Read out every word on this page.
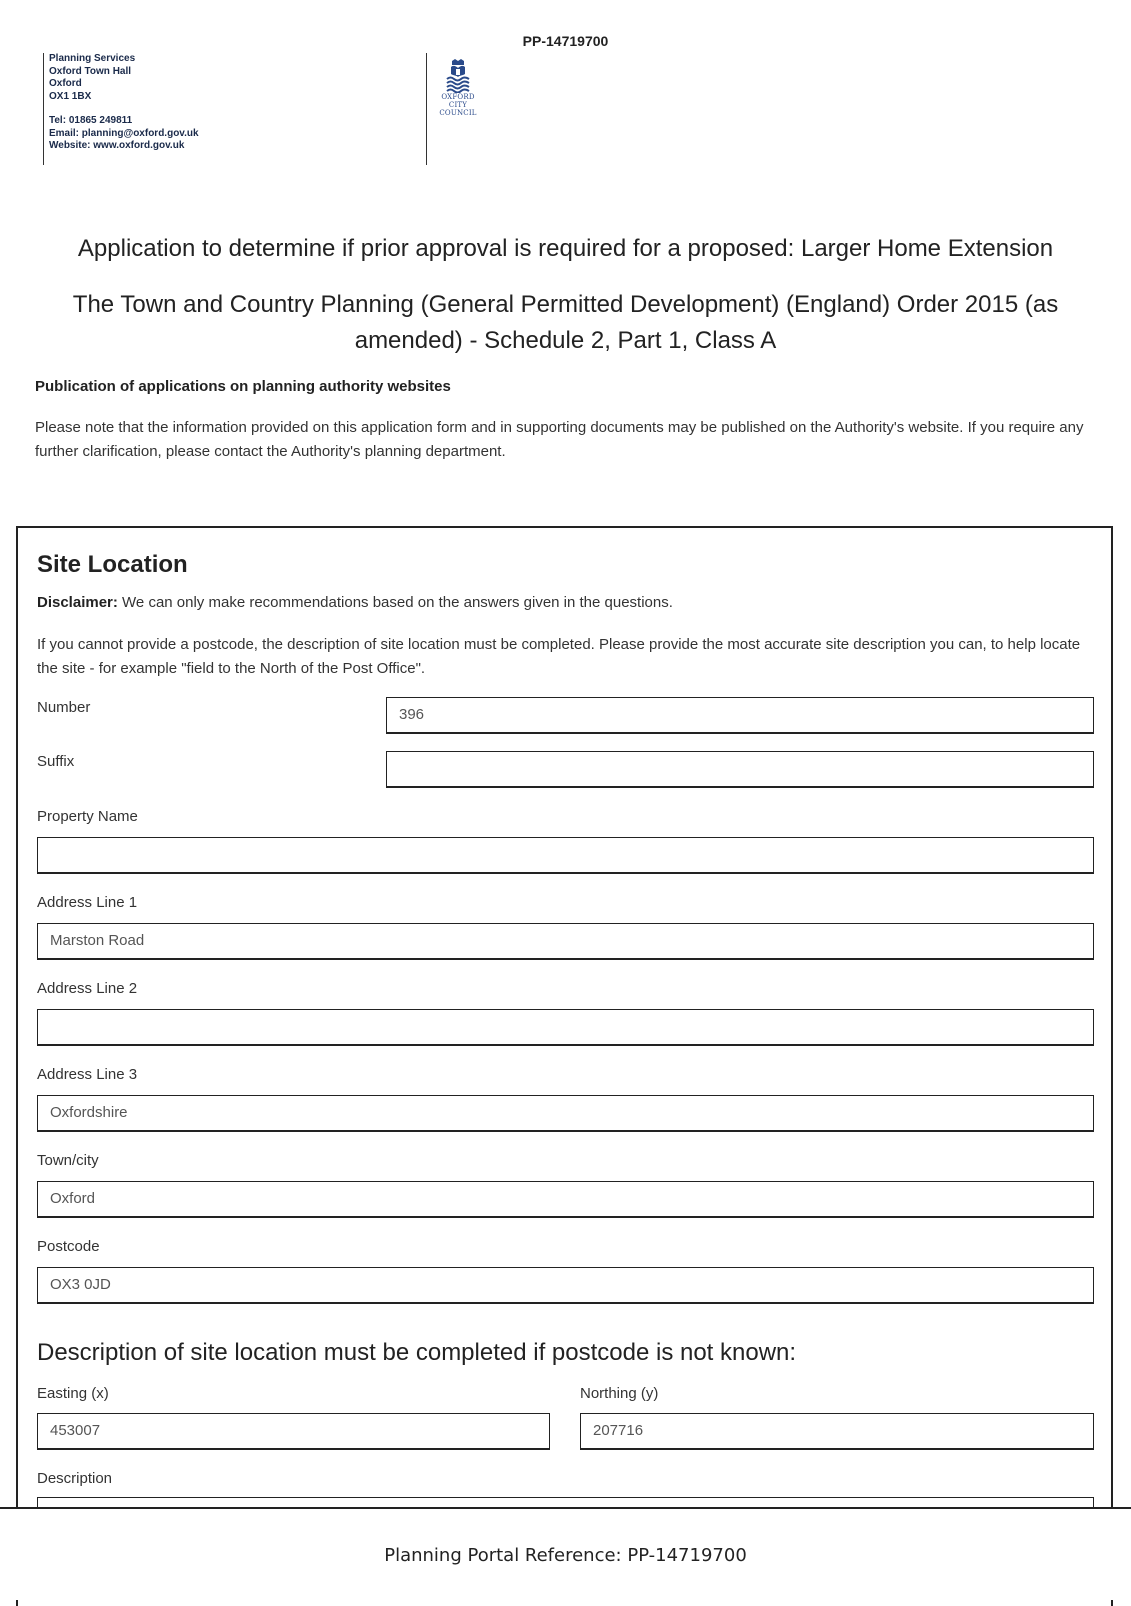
PP-14719700
Planning Services
Oxford Town Hall
Oxford
OX1 1BX
Tel: 01865 249811
Email: planning@oxford.gov.uk
Website: www.oxford.gov.uk
OXFORD
CITY
COUNCIL
Application to determine if prior approval is required for a proposed: Larger Home Extension
The Town and Country Planning (General Permitted Development) (England) Order 2015 (as amended) - Schedule 2, Part 1, Class A
Publication of applications on planning authority websites
Please note that the information provided on this application form and in supporting documents may be published on the Authority's website. If you require any further clarification, please contact the Authority's planning department.
Site Location
Disclaimer: We can only make recommendations based on the answers given in the questions.
If you cannot provide a postcode, the description of site location must be completed. Please provide the most accurate site description you can, to help locate the site - for example "field to the North of the Post Office".
Number	396
Suffix
Property Name
Address Line 1
Marston Road
Address Line 2
Address Line 3
Oxfordshire
Town/city
Oxford
Postcode
OX3 0JD
Description of site location must be completed if postcode is not known:
Easting (x)
453007
Northing (y)
207716
Description
Planning Portal Reference: PP-14719700
